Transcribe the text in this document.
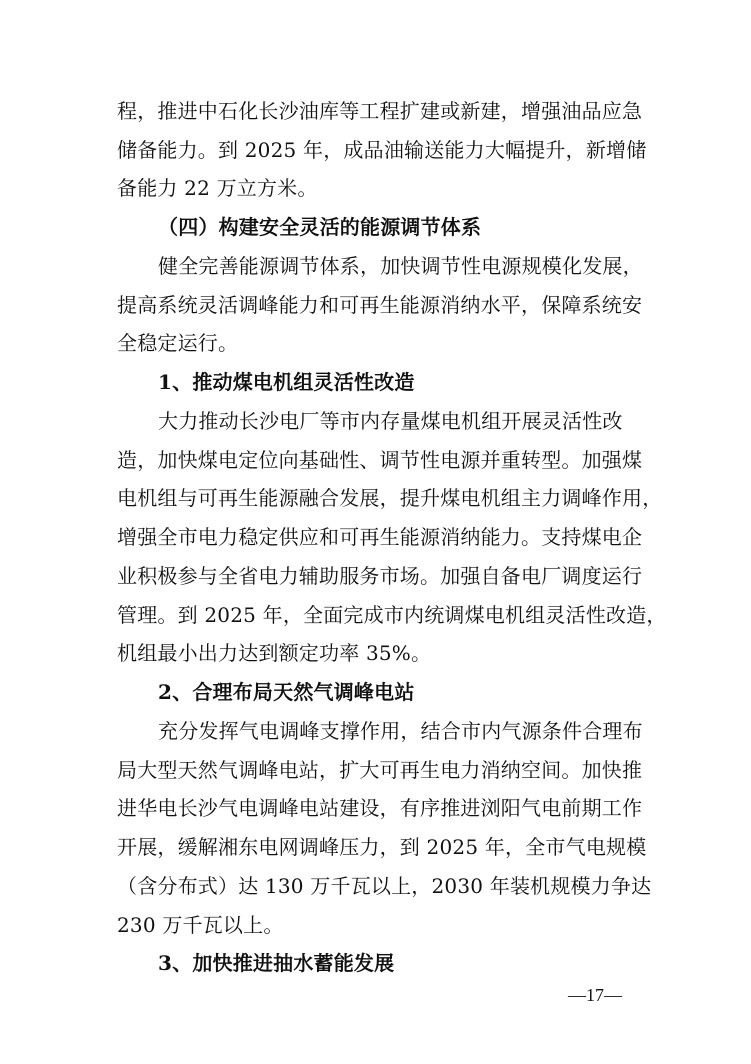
程，推进中石化长沙油库等工程扩建或新建，增强油品应急
储备能力。到 2025 年，成品油输送能力大幅提升，新增储
备能力 22 万立方米。
（四）构建安全灵活的能源调节体系
健全完善能源调节体系，加快调节性电源规模化发展，
提高系统灵活调峰能力和可再生能源消纳水平，保障系统安
全稳定运行。
1、推动煤电机组灵活性改造
大力推动长沙电厂等市内存量煤电机组开展灵活性改
造，加快煤电定位向基础性、调节性电源并重转型。加强煤
电机组与可再生能源融合发展，提升煤电机组主力调峰作用，
增强全市电力稳定供应和可再生能源消纳能力。支持煤电企
业积极参与全省电力辅助服务市场。加强自备电厂调度运行
管理。到 2025 年，全面完成市内统调煤电机组灵活性改造，
机组最小出力达到额定功率 35%。
2、合理布局天然气调峰电站
充分发挥气电调峰支撑作用，结合市内气源条件合理布
局大型天然气调峰电站，扩大可再生电力消纳空间。加快推
进华电长沙气电调峰电站建设，有序推进浏阳气电前期工作
开展，缓解湘东电网调峰压力，到 2025 年，全市气电规模
（含分布式）达 130 万千瓦以上，2030 年装机规模力争达
230 万千瓦以上。
3、加快推进抽水蓄能发展
—17—
